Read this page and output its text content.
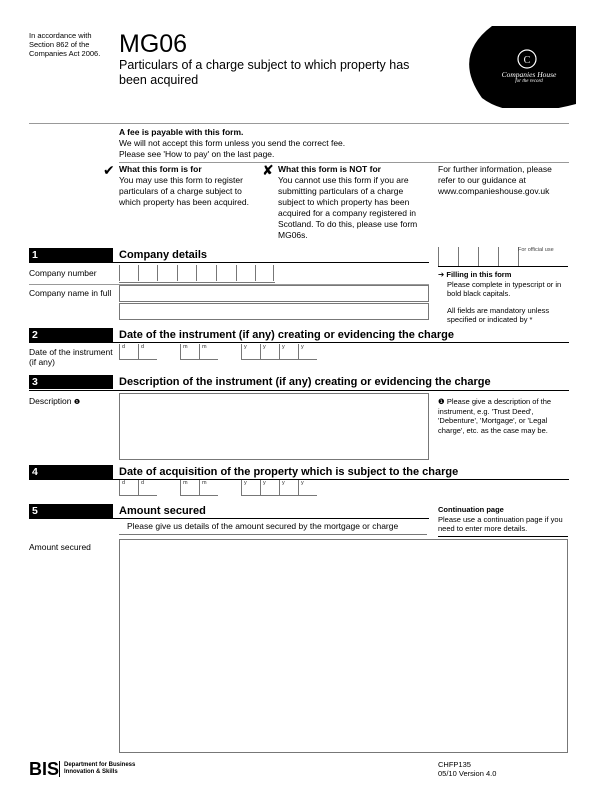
In accordance with
Section 862 of the
Companies Act 2006. MG06
Particulars of a charge subject to which property has been acquired
C
Companies House
for the record
A fee is payable with this form.
We will not accept this form unless you send the correct fee.
Please see 'How to pay' on the last page.
✔ What this form is for
You may use this form to register particulars of a charge subject to which property has been acquired.
✘ What this form is NOT for
You cannot use this form if you are submitting particulars of a charge subject to which property has been acquired for a company registered in Scotland. To do this, please use form MG06s.
For further information, please refer to our guidance at www.companieshouse.gov.uk
For official use
1	Company details
Company number
Company name in full
➔ Filling in this form
Please complete in typescript or in bold black capitals.
All fields are mandatory unless specified or indicated by *
2	Date of the instrument (if any) creating or evidencing the charge
Date of the instrument (if any)
d	d	m	m	y	y	y	y
3	Description of the instrument (if any) creating or evidencing the charge
Description ❶	❶ Please give a description of the instrument, e.g. 'Trust Deed', 'Debenture', 'Mortgage', or 'Legal charge', etc. as the case may be.
4	Date of acquisition of the property which is subject to the charge
d	d	m	m	y	y	y	y
5	Amount secured
Please give us details of the amount secured by the mortgage or charge
Continuation page
Please use a continuation page if you need to enter more details.
Amount secured
BIS Department for Business
Innovation & Skills
CHFP135
05/10 Version 4.0
